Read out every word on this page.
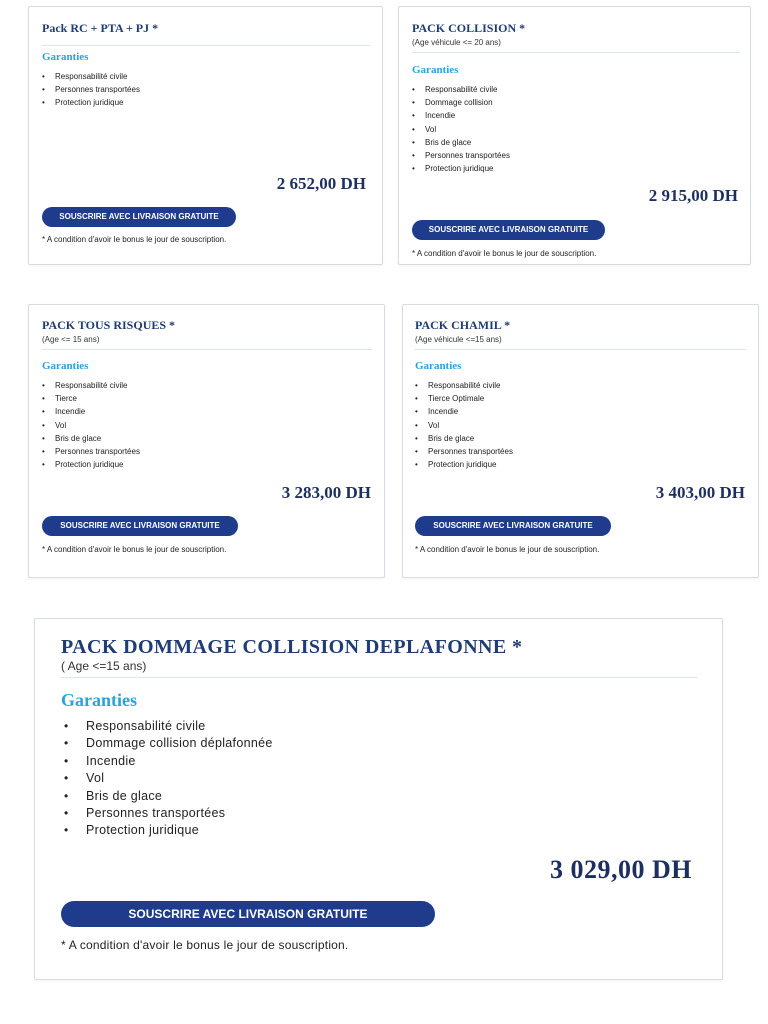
Pack RC + PTA + PJ *
Garanties
• Responsabilité civile
• Personnes transportées
• Protection juridique
2 652,00 DH
SOUSCRIRE AVEC LIVRAISON GRATUITE
* A condition d'avoir le bonus le jour de souscription.
PACK COLLISION *
(Age véhicule <= 20 ans)
Garanties
• Responsabilité civile
• Dommage collision
• Incendie
• Vol
• Bris de glace
• Personnes transportées
• Protection juridique
2 915,00 DH
SOUSCRIRE AVEC LIVRAISON GRATUITE
* A condition d'avoir le bonus le jour de souscription.
PACK TOUS RISQUES *
(Age <= 15 ans)
Garanties
• Responsabilité civile
• Tierce
• Incendie
• Vol
• Bris de glace
• Personnes transportées
• Protection juridique
3 283,00 DH
SOUSCRIRE AVEC LIVRAISON GRATUITE
* A condition d'avoir le bonus le jour de souscription.
PACK CHAMIL *
(Age véhicule <=15 ans)
Garanties
• Responsabilité civile
• Tierce Optimale
• Incendie
• Vol
• Bris de glace
• Personnes transportées
• Protection juridique
3 403,00 DH
SOUSCRIRE AVEC LIVRAISON GRATUITE
* A condition d'avoir le bonus le jour de souscription.
PACK DOMMAGE COLLISION DEPLAFONNE *
( Age <=15 ans)
Garanties
• Responsabilité civile
• Dommage collision déplafonnée
• Incendie
• Vol
• Bris de glace
• Personnes transportées
• Protection juridique
3 029,00 DH
SOUSCRIRE AVEC LIVRAISON GRATUITE
* A condition d'avoir le bonus le jour de souscription.
